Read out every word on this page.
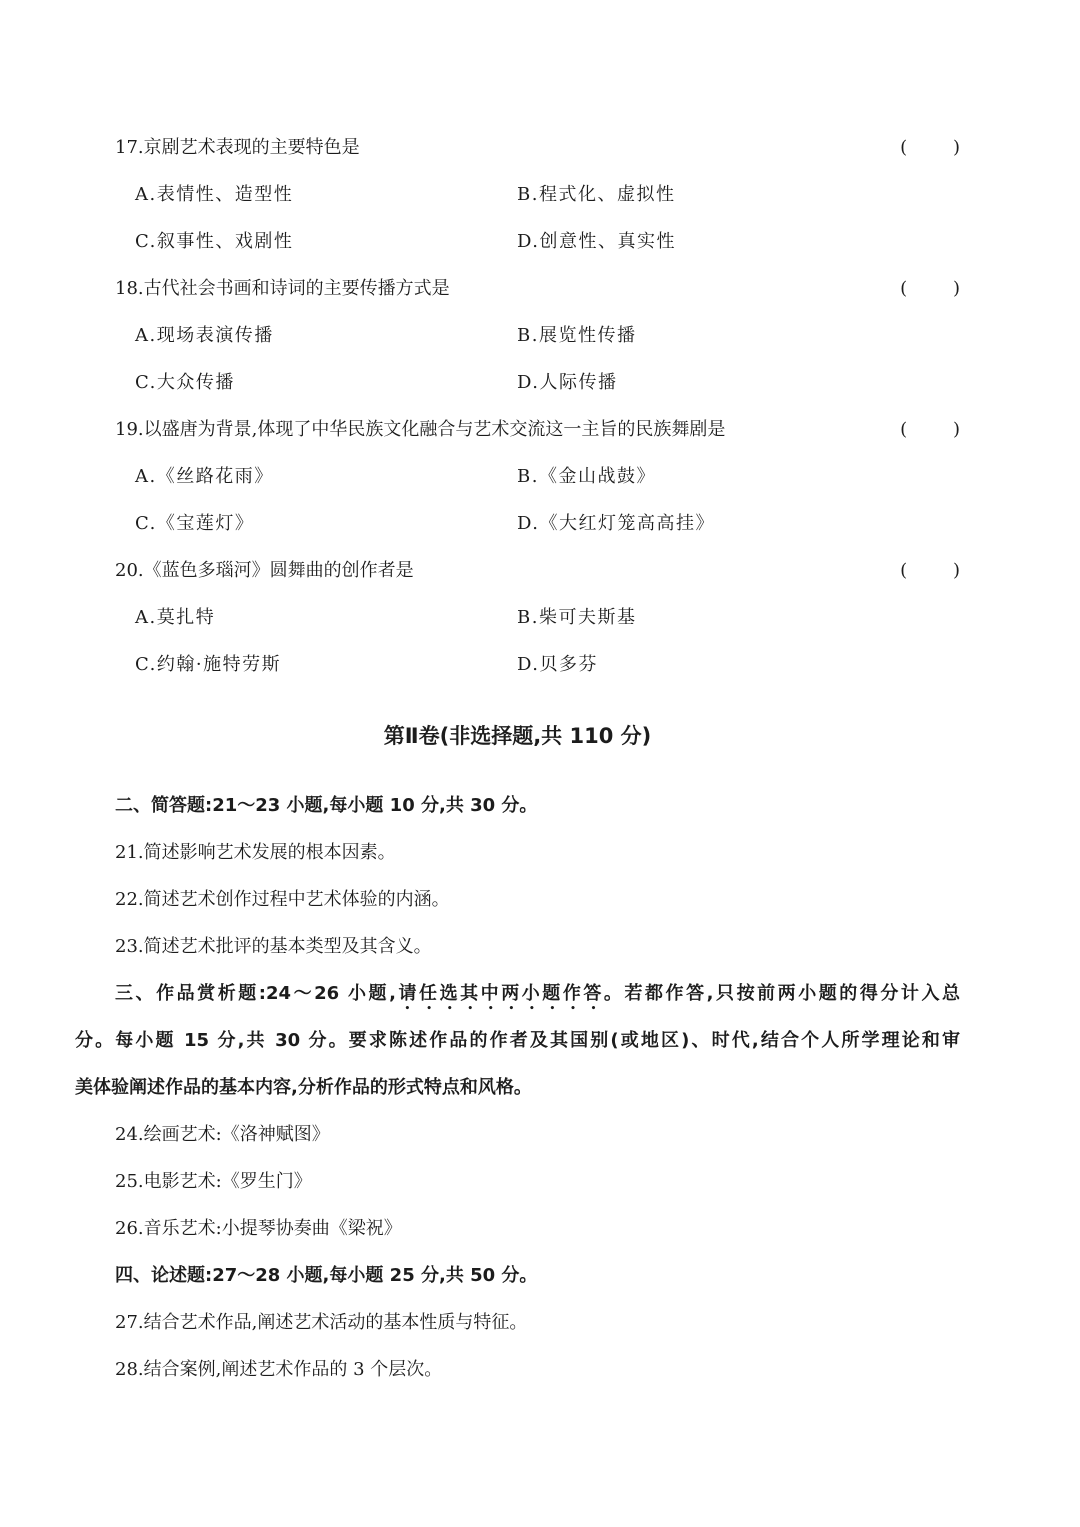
17.京剧艺术表现的主要特色是	(        )
A.表情性、造型性	B.程式化、虚拟性
C.叙事性、戏剧性	D.创意性、真实性
18.古代社会书画和诗词的主要传播方式是	(        )
A.现场表演传播	B.展览性传播
C.大众传播	D.人际传播
19.以盛唐为背景,体现了中华民族文化融合与艺术交流这一主旨的民族舞剧是	(        )
A.《丝路花雨》	B.《金山战鼓》
C.《宝莲灯》	D.《大红灯笼高高挂》
20.《蓝色多瑙河》圆舞曲的创作者是	(        )
A.莫扎特	B.柴可夫斯基
C.约翰·施特劳斯	D.贝多芬
第Ⅱ卷(非选择题,共 110 分)
二、简答题:21～23 小题,每小题 10 分,共 30 分。
21.简述影响艺术发展的根本因素。
22.简述艺术创作过程中艺术体验的内涵。
23.简述艺术批评的基本类型及其含义。
三、作品赏析题:24～26 小题,请任选其中两小题作答。若都作答,只按前两小题的得分计入总
分。每小题 15 分,共 30 分。要求陈述作品的作者及其国别(或地区)、时代,结合个人所学理论和审
美体验阐述作品的基本内容,分析作品的形式特点和风格。
24.绘画艺术:《洛神赋图》
25.电影艺术:《罗生门》
26.音乐艺术:小提琴协奏曲《梁祝》
四、论述题:27～28 小题,每小题 25 分,共 50 分。
27.结合艺术作品,阐述艺术活动的基本性质与特征。
28.结合案例,阐述艺术作品的 3 个层次。
